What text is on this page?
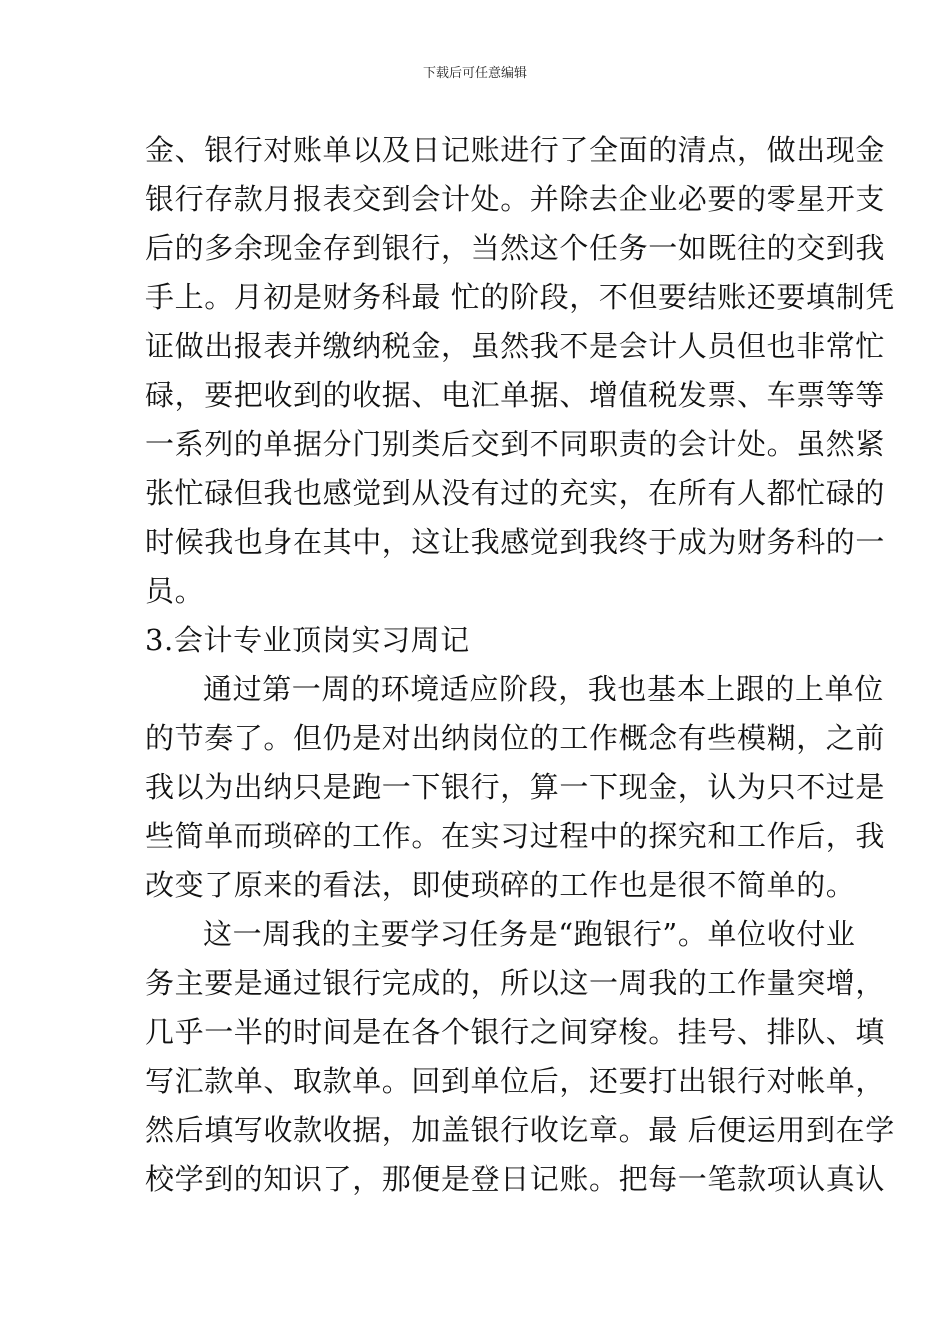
下载后可任意编辑
金、银行对账单以及日记账进行了全面的清点，做出现金
银行存款月报表交到会计处。并除去企业必要的零星开支
后的多余现金存到银行，当然这个任务一如既往的交到我
手上。月初是财务科最 忙的阶段，不但要结账还要填制凭
证做出报表并缴纳税金，虽然我不是会计人员但也非常忙
碌，要把收到的收据、电汇单据、增值税发票、车票等等
一系列的单据分门别类后交到不同职责的会计处。虽然紧
张忙碌但我也感觉到从没有过的充实，在所有人都忙碌的
时候我也身在其中，这让我感觉到我终于成为财务科的一
员。
3.会计专业顶岗实习周记
通过第一周的环境适应阶段，我也基本上跟的上单位
的节奏了。但仍是对出纳岗位的工作概念有些模糊，之前
我以为出纳只是跑一下银行，算一下现金，认为只不过是
些简单而琐碎的工作。在实习过程中的探究和工作后，我
改变了原来的看法，即使琐碎的工作也是很不简单的。
这一周我的主要学习任务是“跑银行”。单位收付业
务主要是通过银行完成的，所以这一周我的工作量突增，
几乎一半的时间是在各个银行之间穿梭。挂号、排队、填
写汇款单、取款单。回到单位后，还要打出银行对帐单，
然后填写收款收据，加盖银行收讫章。最 后便运用到在学
校学到的知识了，那便是登日记账。把每一笔款项认真认
